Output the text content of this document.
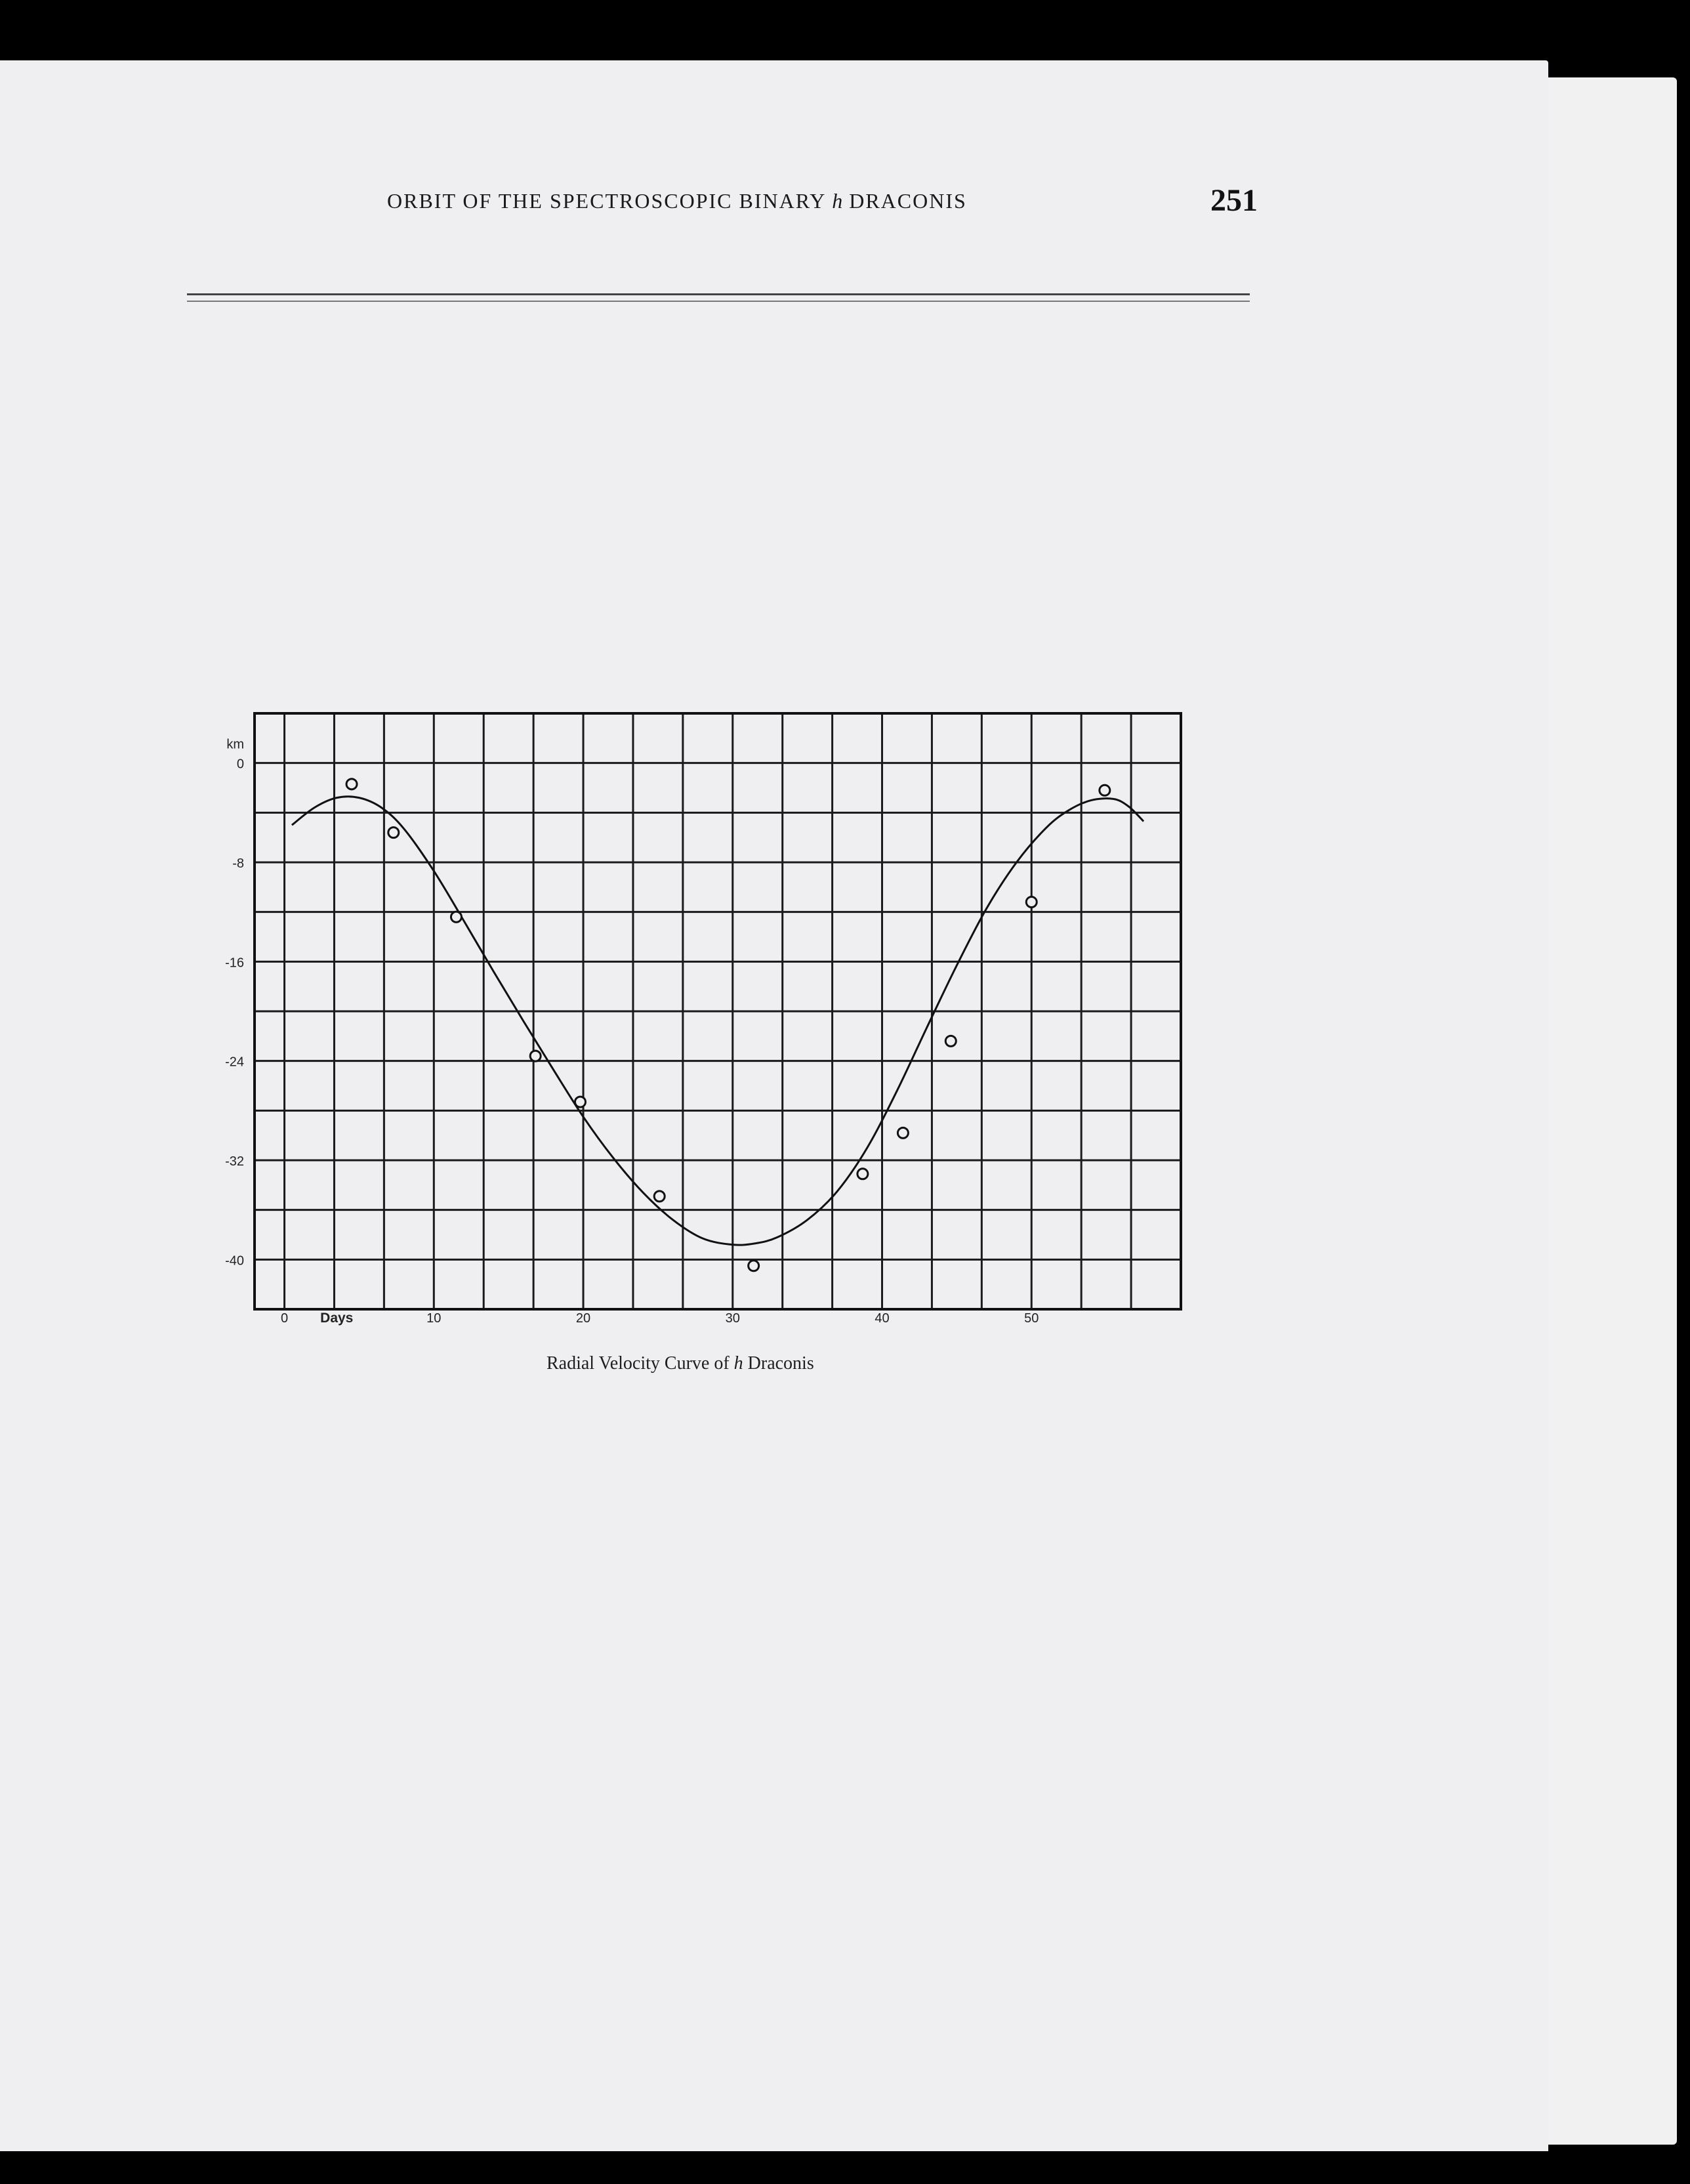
ORBIT OF THE SPECTROSCOPIC BINARY h DRACONIS	251
0
-8
-16
-24
-32
-40
km
0	10	20	30	40	50
Days
Radial Velocity Curve of h Draconis
